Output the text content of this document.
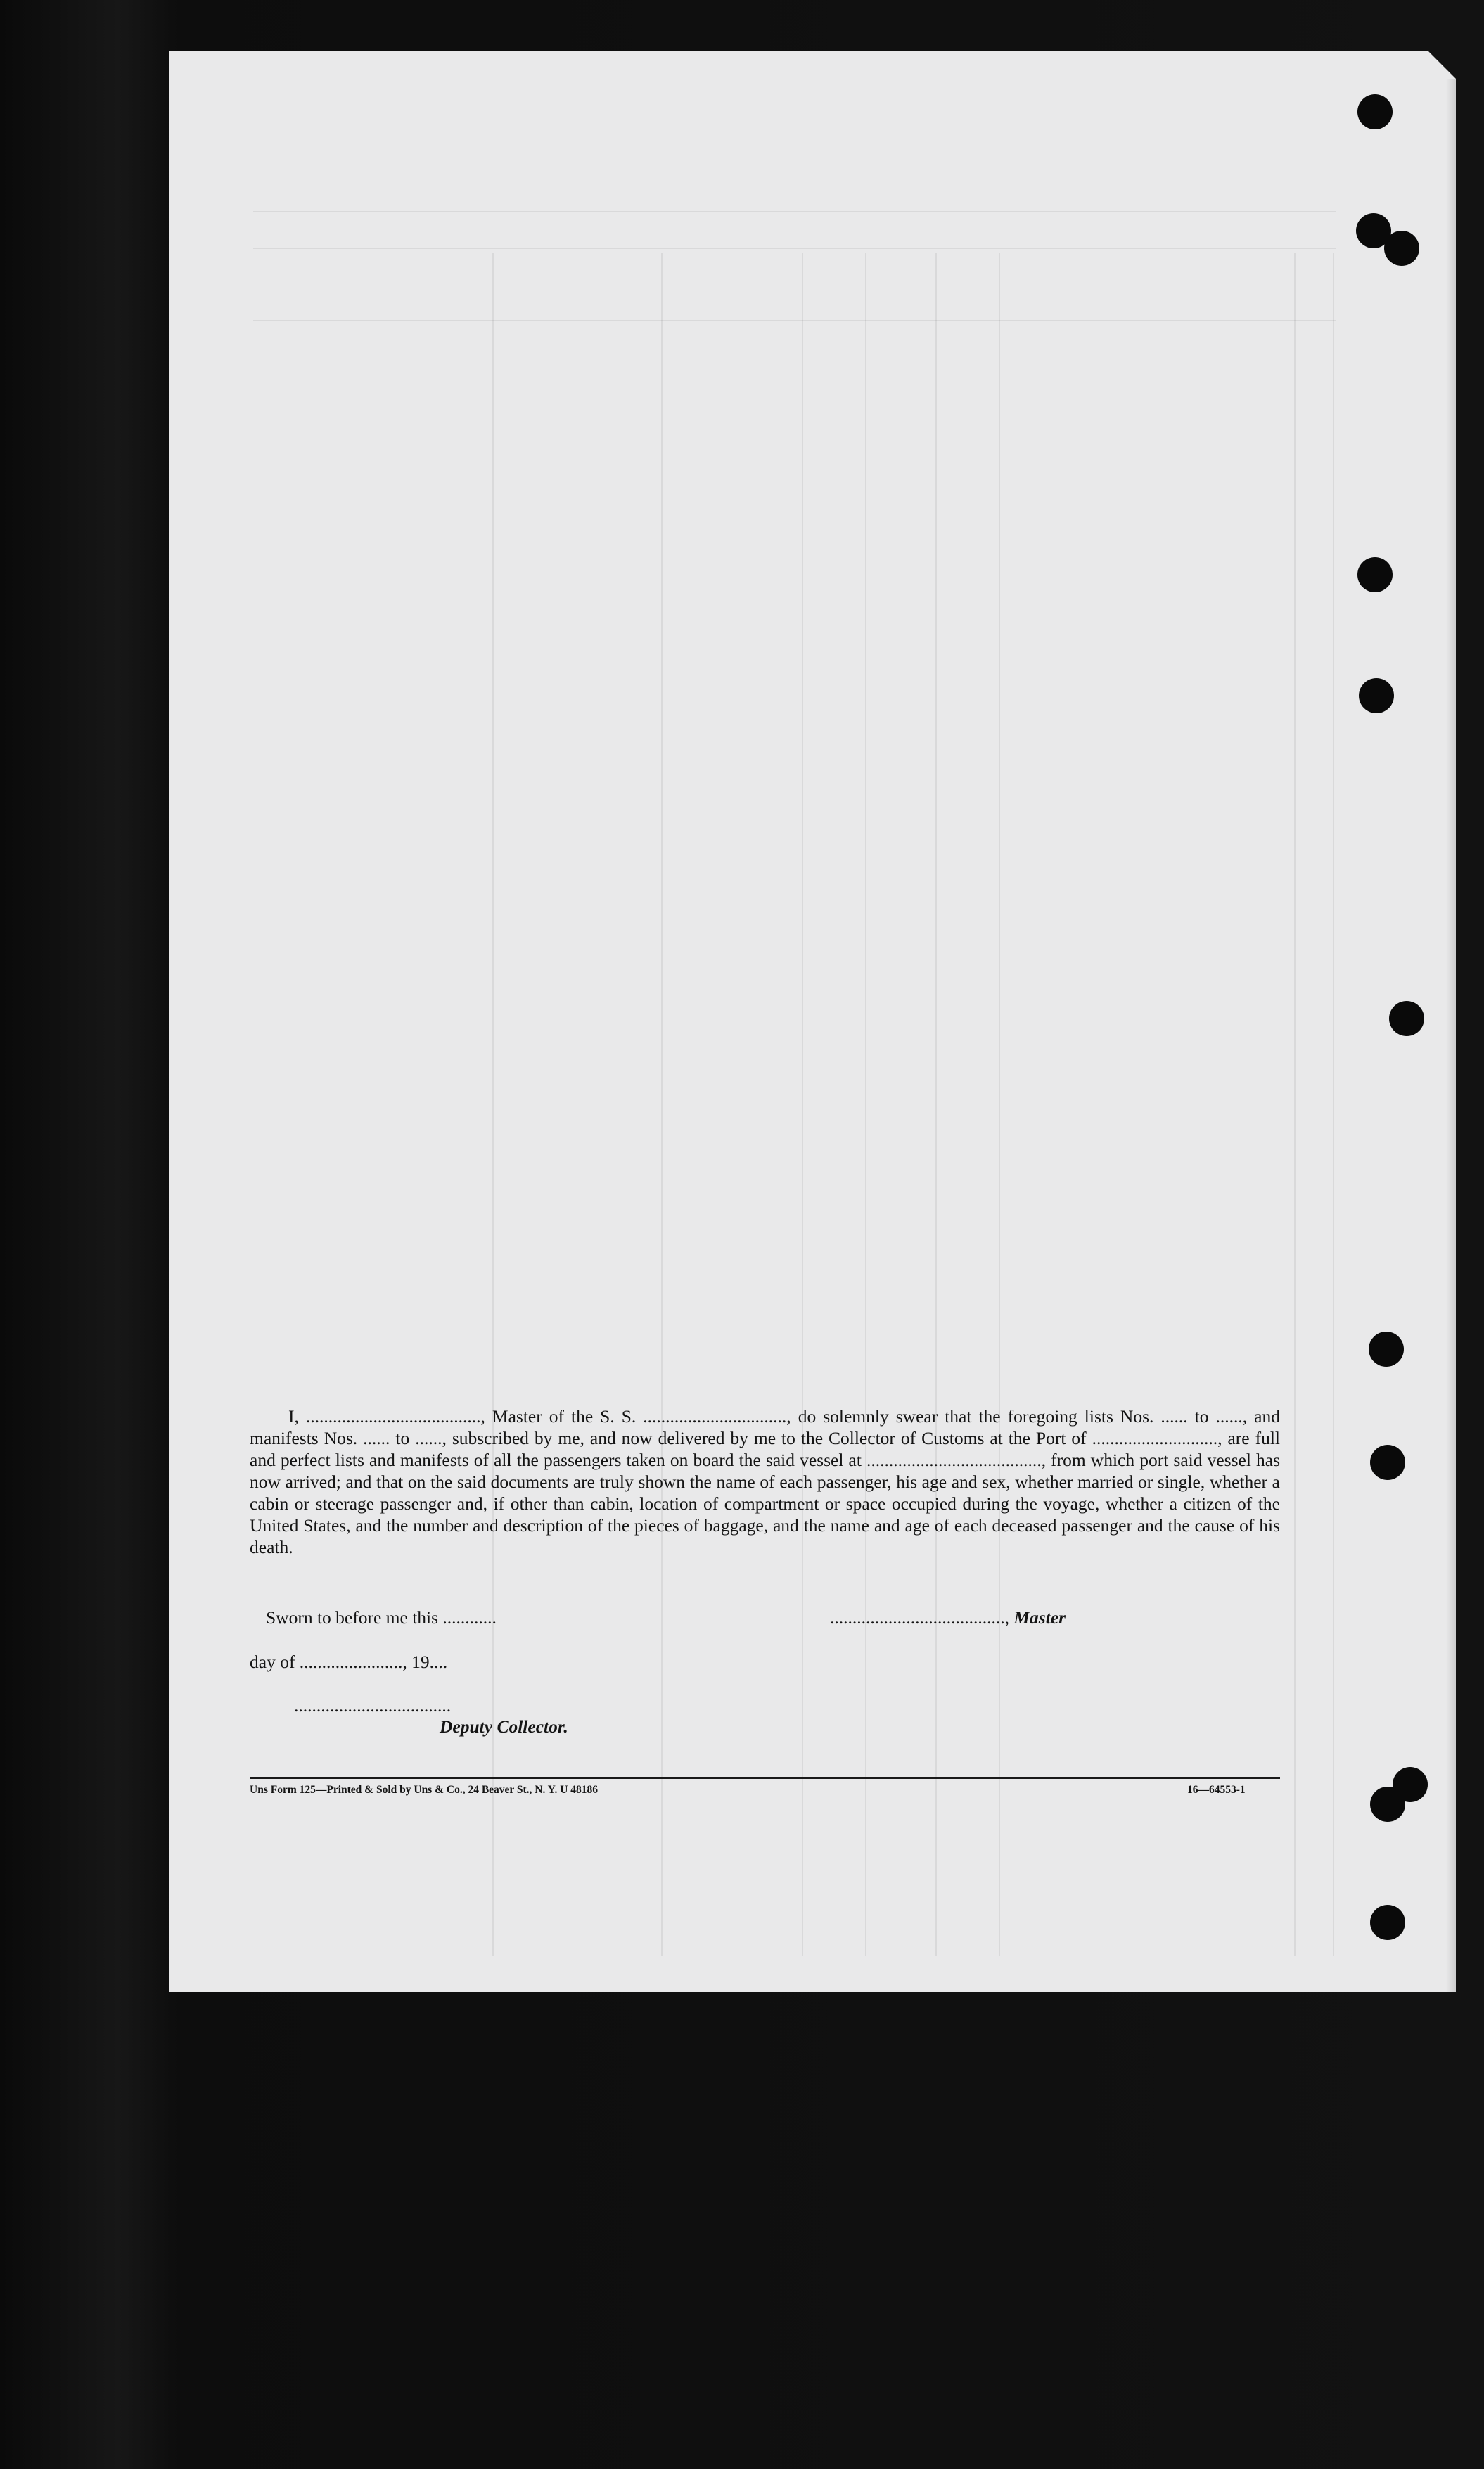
I, ......................................., Master of the S. S. ................................, do solemnly swear that the foregoing lists Nos. ...... to ......, and manifests Nos. ...... to ......, subscribed by me, and now delivered by me to the Collector of Customs at the Port of ............................, are full and perfect lists and manifests of all the passengers taken on board the said vessel at ......................................., from which port said vessel has now arrived; and that on the said documents are truly shown the name of each passenger, his age and sex, whether married or single, whether a cabin or steerage passenger and, if other than cabin, location of compartment or space occupied during the voyage, whether a citizen of the United States, and the number and description of the pieces of baggage, and the name and age of each deceased passenger and the cause of his death.
Sworn to before me this ............	......................................., Master
day of ......................., 19....
...................................
Deputy Collector.
Uns Form 125—Printed & Sold by Uns & Co., 24 Beaver St., N. Y. U 48186	16—64553-1
